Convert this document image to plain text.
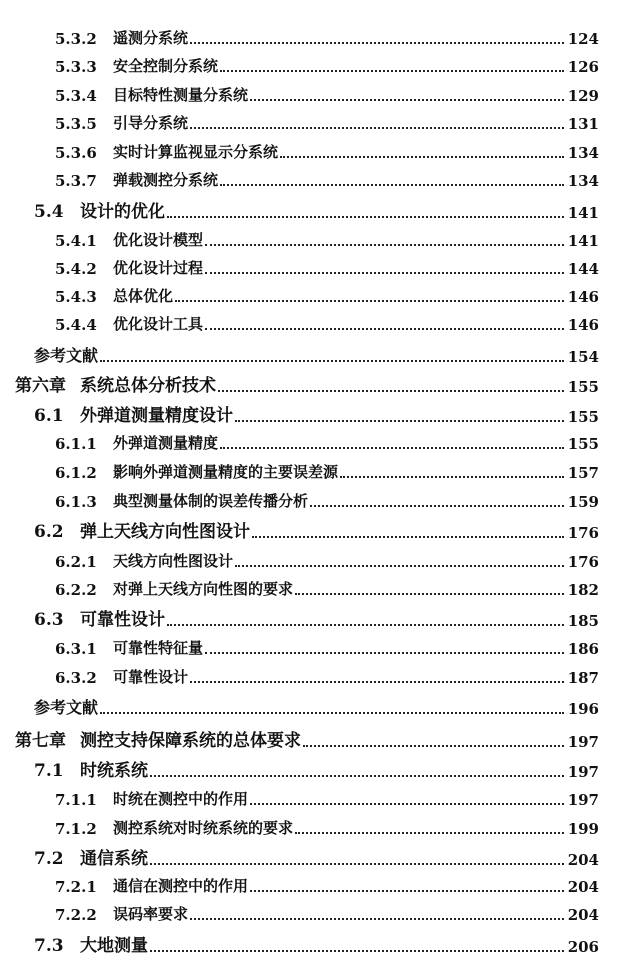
5.3.2	遥测分系统	124
5.3.3	安全控制分系统	126
5.3.4	目标特性测量分系统	129
5.3.5	引导分系统	131
5.3.6	实时计算监视显示分系统	134
5.3.7	弹载测控分系统	134
5.4 设计的优化	141
5.4.1	优化设计模型	141
5.4.2	优化设计过程	144
5.4.3	总体优化	146
5.4.4	优化设计工具	146
参考文献	154
第六章 系统总体分析技术	155
6.1 外弹道测量精度设计	155
6.1.1	外弹道测量精度	155
6.1.2	影响外弹道测量精度的主要误差源	157
6.1.3	典型测量体制的误差传播分析	159
6.2 弹上天线方向性图设计	176
6.2.1	天线方向性图设计	176
6.2.2	对弹上天线方向性图的要求	182
6.3 可靠性设计	185
6.3.1	可靠性特征量	186
6.3.2	可靠性设计	187
参考文献	196
第七章 测控支持保障系统的总体要求	197
7.1 时统系统	197
7.1.1	时统在测控中的作用	197
7.1.2	测控系统对时统系统的要求	199
7.2 通信系统	204
7.2.1	通信在测控中的作用	204
7.2.2	误码率要求	204
7.3 大地测量	206
